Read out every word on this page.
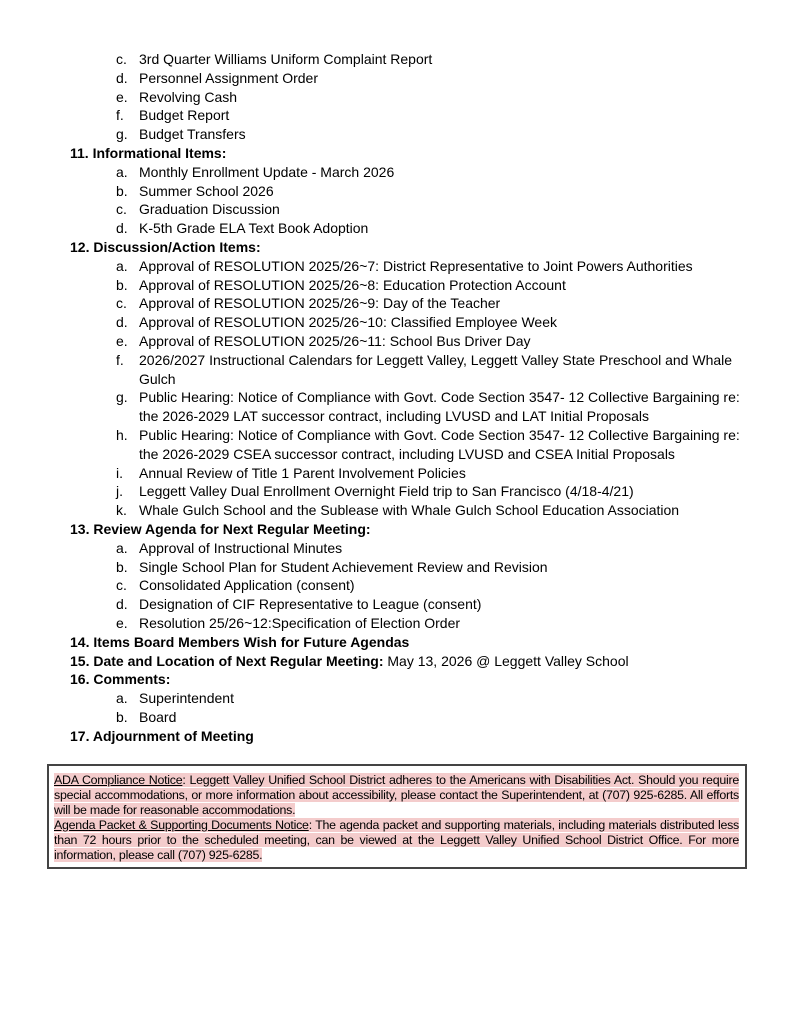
c. 3rd Quarter Williams Uniform Complaint Report
d. Personnel Assignment Order
e. Revolving Cash
f. Budget Report
g. Budget Transfers
11. Informational Items:
a. Monthly Enrollment Update - March 2026
b. Summer School 2026
c. Graduation Discussion
d. K-5th Grade ELA Text Book Adoption
12. Discussion/Action Items:
a. Approval of RESOLUTION 2025/26~7: District Representative to Joint Powers Authorities
b. Approval of RESOLUTION 2025/26~8: Education Protection Account
c. Approval of RESOLUTION 2025/26~9: Day of the Teacher
d. Approval of RESOLUTION 2025/26~10: Classified Employee Week
e. Approval of RESOLUTION 2025/26~11: School Bus Driver Day
f. 2026/2027 Instructional Calendars for Leggett Valley, Leggett Valley State Preschool and Whale Gulch
g. Public Hearing: Notice of Compliance with Govt. Code Section 3547- 12 Collective Bargaining re: the 2026-2029 LAT successor contract, including LVUSD and LAT Initial Proposals
h. Public Hearing: Notice of Compliance with Govt. Code Section 3547- 12 Collective Bargaining re: the 2026-2029 CSEA successor contract, including LVUSD and CSEA Initial Proposals
i. Annual Review of Title 1 Parent Involvement Policies
j. Leggett Valley Dual Enrollment Overnight Field trip to San Francisco (4/18-4/21)
k. Whale Gulch School and the Sublease with Whale Gulch School Education Association
13. Review Agenda for Next Regular Meeting:
a. Approval of Instructional Minutes
b. Single School Plan for Student Achievement Review and Revision
c. Consolidated Application (consent)
d. Designation of CIF Representative to League (consent)
e. Resolution 25/26~12:Specification of Election Order
14. Items Board Members Wish for Future Agendas
15. Date and Location of Next Regular Meeting: May 13, 2026 @ Leggett Valley School
16. Comments:
a. Superintendent
b. Board
17. Adjournment of Meeting
ADA Compliance Notice: Leggett Valley Unified School District adheres to the Americans with Disabilities Act. Should you require special accommodations, or more information about accessibility, please contact the Superintendent, at (707) 925-6285. All efforts will be made for reasonable accommodations.
Agenda Packet & Supporting Documents Notice: The agenda packet and supporting materials, including materials distributed less than 72 hours prior to the scheduled meeting, can be viewed at the Leggett Valley Unified School District Office. For more information, please call (707) 925-6285.
